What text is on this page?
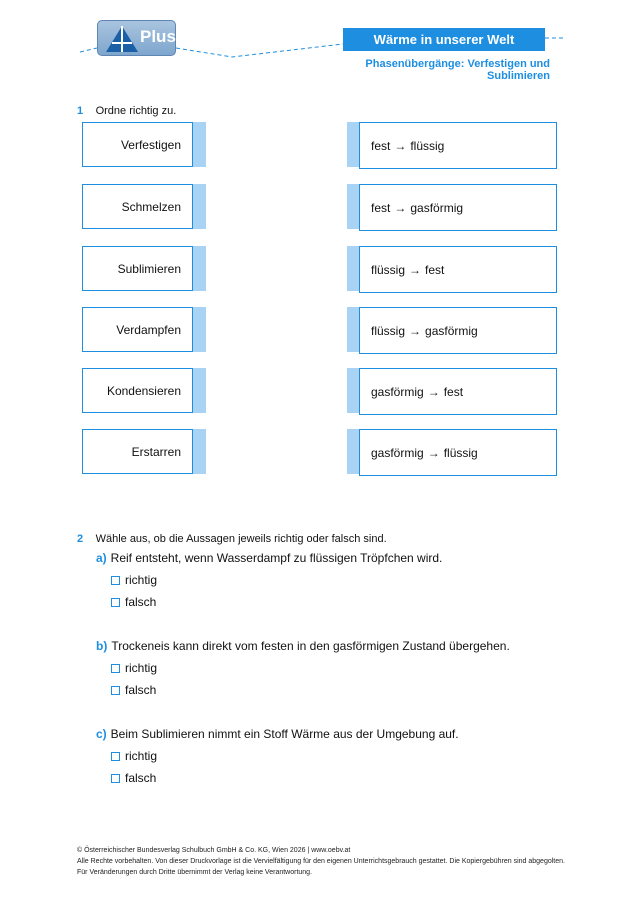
Plus	Wärme in unserer Welt
Phasenübergänge: Verfestigen und Sublimieren
1 Ordne richtig zu.
Verfestigen	fest → flüssig
Schmelzen	fest → gasförmig
Sublimieren	flüssig → fest
Verdampfen	flüssig → gasförmig
Kondensieren	gasförmig → fest
Erstarren	gasförmig → flüssig
2 Wähle aus, ob die Aussagen jeweils richtig oder falsch sind.
a) Reif entsteht, wenn Wasserdampf zu flüssigen Tröpfchen wird.
richtig
falsch
b) Trockeneis kann direkt vom festen in den gasförmigen Zustand übergehen.
richtig
falsch
c) Beim Sublimieren nimmt ein Stoff Wärme aus der Umgebung auf.
richtig
falsch
© Österreichischer Bundesverlag Schulbuch GmbH & Co. KG, Wien 2026 | www.oebv.at
Alle Rechte vorbehalten. Von dieser Druckvorlage ist die Vervielfältigung für den eigenen Unterrichtsgebrauch gestattet. Die Kopiergebühren sind abgegolten.
Für Veränderungen durch Dritte übernimmt der Verlag keine Verantwortung.
